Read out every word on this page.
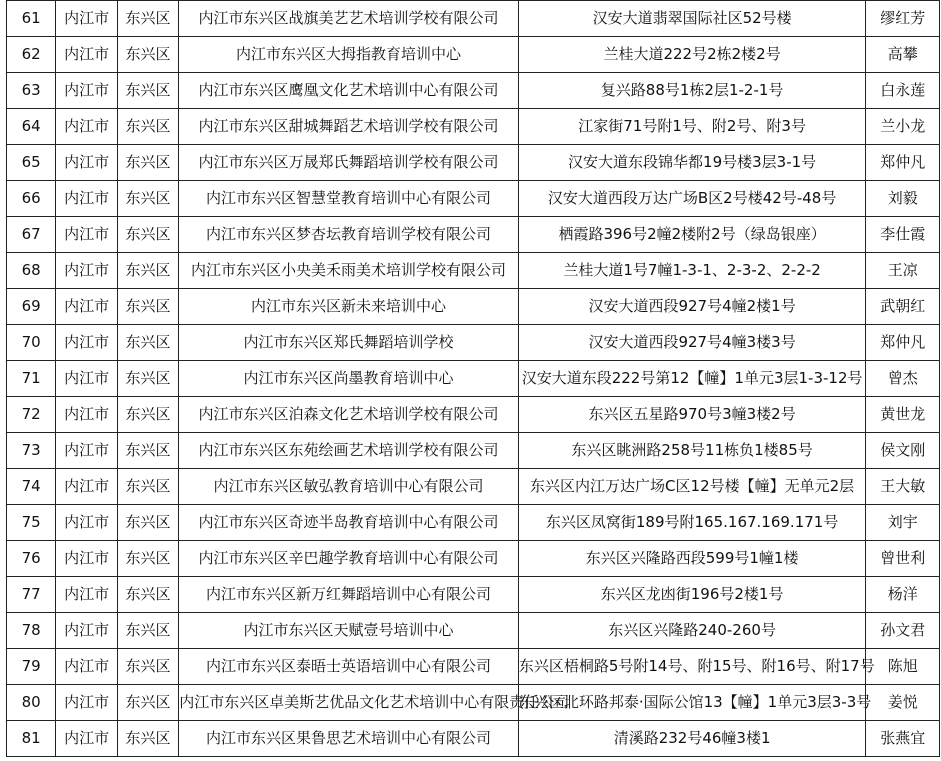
61	内江市	东兴区	内江市东兴区战旗美艺艺术培训学校有限公司	汉安大道翡翠国际社区52号楼	缪红芳
62	内江市	东兴区	内江市东兴区大拇指教育培训中心	兰桂大道222号2栋2楼2号	高攀
63	内江市	东兴区	内江市东兴区鹰凰文化艺术培训中心有限公司	复兴路88号1栋2层1-2-1号	白永莲
64	内江市	东兴区	内江市东兴区甜城舞蹈艺术培训学校有限公司	江家街71号附1号、附2号、附3号	兰小龙
65	内江市	东兴区	内江市东兴区万晟郑氏舞蹈培训学校有限公司	汉安大道东段锦华都19号楼3层3-1号	郑仲凡
66	内江市	东兴区	内江市东兴区智慧堂教育培训中心有限公司	汉安大道西段万达广场B区2号楼42号-48号	刘毅
67	内江市	东兴区	内江市东兴区梦杏坛教育培训学校有限公司	栖霞路396号2幢2楼附2号（绿岛银座）	李仕霞
68	内江市	东兴区	内江市东兴区小央美禾雨美术培训学校有限公司	兰桂大道1号7幢1-3-1、2-3-2、2-2-2	王凉
69	内江市	东兴区	内江市东兴区新未来培训中心	汉安大道西段927号4幢2楼1号	武朝红
70	内江市	东兴区	内江市东兴区郑氏舞蹈培训学校	汉安大道西段927号4幢3楼3号	郑仲凡
71	内江市	东兴区	内江市东兴区尚墨教育培训中心	汉安大道东段222号第12【幢】1单元3层1-3-12号	曾杰
72	内江市	东兴区	内江市东兴区泊森文化艺术培训学校有限公司	东兴区五星路970号3幢3楼2号	黄世龙
73	内江市	东兴区	内江市东兴区东苑绘画艺术培训学校有限公司	东兴区眺洲路258号11栋负1楼85号	侯文刚
74	内江市	东兴区	内江市东兴区敏弘教育培训中心有限公司	东兴区内江万达广场C区12号楼【幢】无单元2层	王大敏
75	内江市	东兴区	内江市东兴区奇迹半岛教育培训中心有限公司	东兴区凤窝街189号附165.167.169.171号	刘宇
76	内江市	东兴区	内江市东兴区辛巴趣学教育培训中心有限公司	东兴区兴隆路西段599号1幢1楼	曾世利
77	内江市	东兴区	内江市东兴区新万红舞蹈培训中心有限公司	东兴区龙凼街196号2楼1号	杨洋
78	内江市	东兴区	内江市东兴区天赋壹号培训中心	东兴区兴隆路240-260号	孙文君
79	内江市	东兴区	内江市东兴区泰晤士英语培训中心有限公司	东兴区梧桐路5号附14号、附15号、附16号、附17号	陈旭
80	内江市	东兴区	内江市东兴区卓美斯艺优品文化艺术培训中心有限责任公司	东兴区北环路邦泰·国际公馆13【幢】1单元3层3-3号	姜悦
81	内江市	东兴区	内江市东兴区果鲁思艺术培训中心有限公司	清溪路232号46幢3楼1	张燕宜
